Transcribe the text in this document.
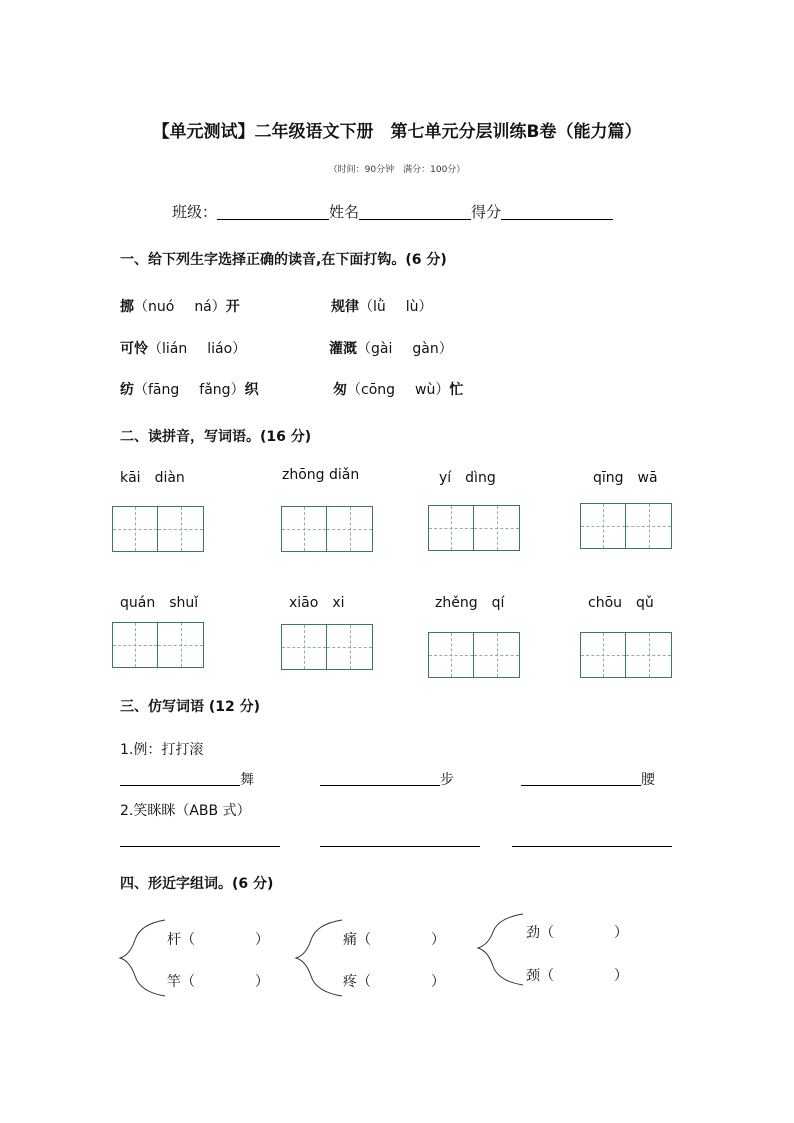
【单元测试】二年级语文下册　第七单元分层训练B卷（能力篇）
（时间：90分钟　满分：100分）
班级：	姓名	得分
一、给下列生字选择正确的读音,在下面打钩。(6 分)
挪（nuó ná）开	规律（lǜ lù）
可怜（lián liáo）	灌溉（gài gàn）
纺（fāng fǎng）织	匆（cōng wù）忙
二、读拼音，写词语。(16 分)
kāi　diàn	zhōng diǎn	yí　dìng	qīng　wā
quán　shuǐ	xiāo　xi	zhěng　qí	chōu　qǔ
三、仿写词语 (12 分)
1.例：打打滚
舞	步	腰
2.笑眯眯（ABB 式）
四、形近字组词。(6 分)
杆（	）
竿（	）
痛（	）
疼（	）
劲（	）
颈（	）
